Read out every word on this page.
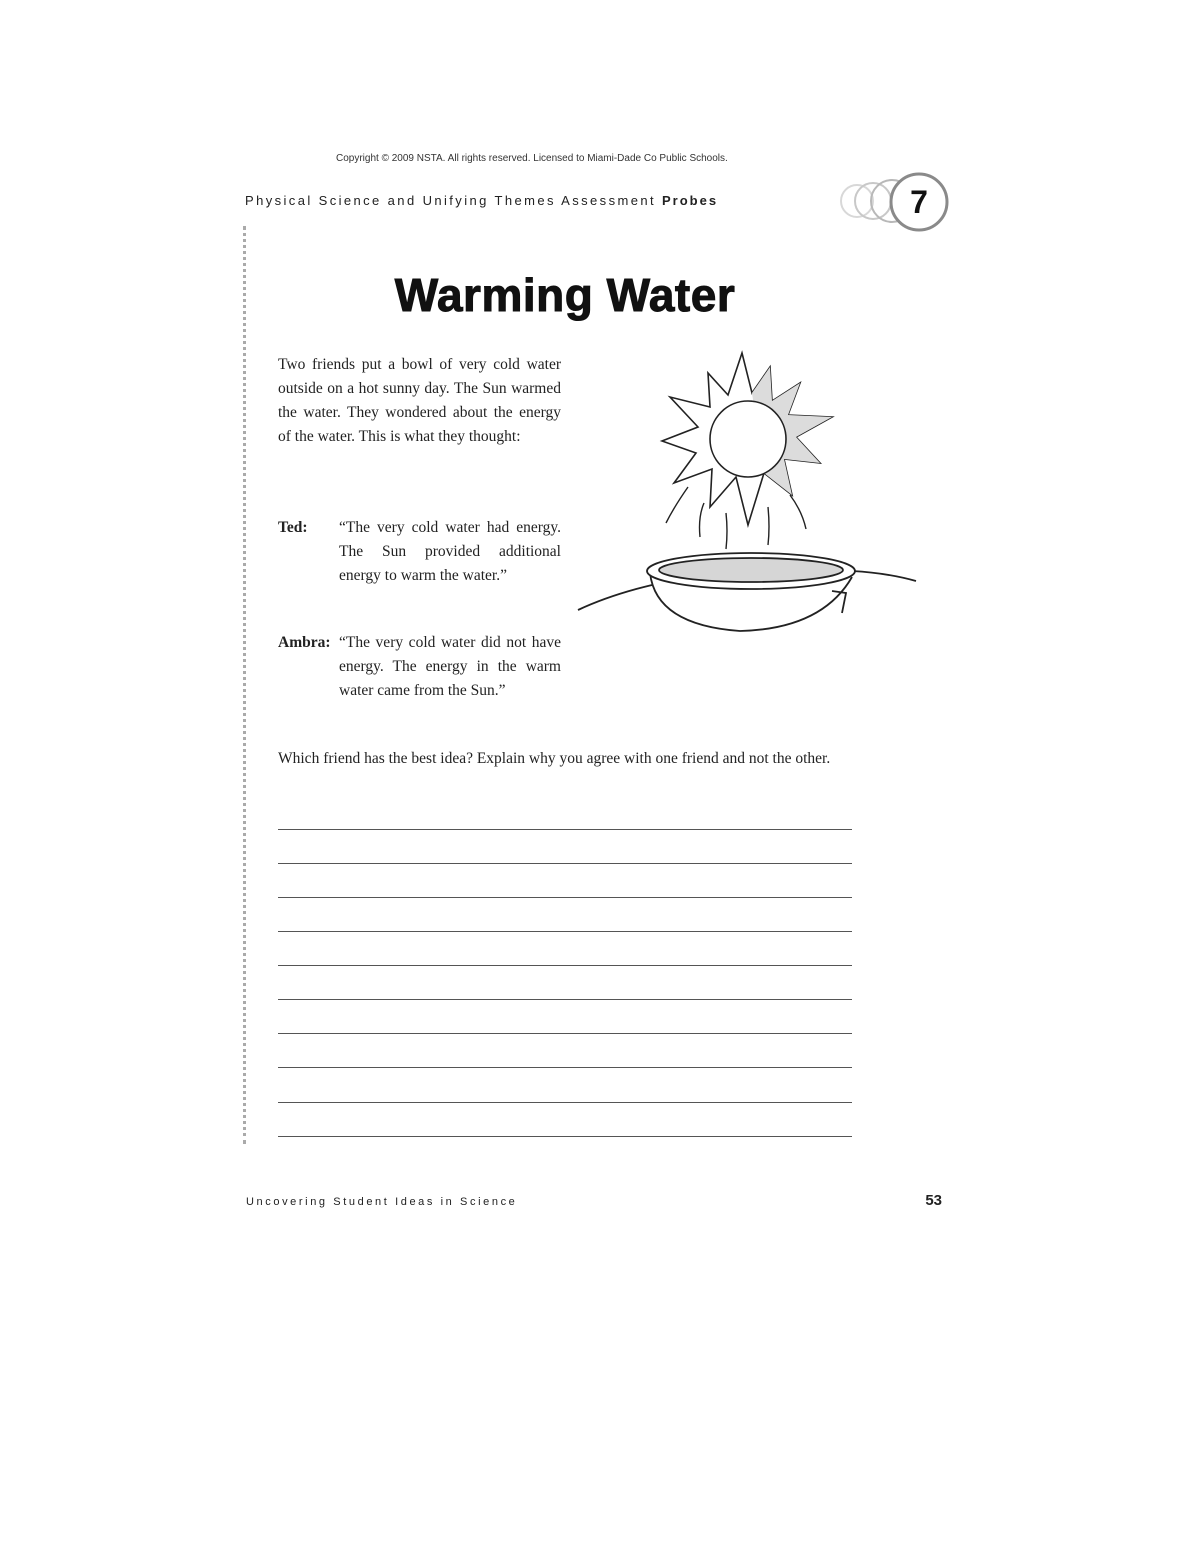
Copyright © 2009 NSTA. All rights reserved. Licensed to Miami-Dade Co Public Schools.
Physical Science and Unifying Themes Assessment Probes	7
Warming Water
Two friends put a bowl of very cold water outside on a hot sunny day. The Sun warmed the water. They wondered about the energy of the water. This is what they thought:
Ted: “The very cold water had energy. The Sun provided additional energy to warm the water.”
Ambra: “The very cold water did not have energy. The energy in the warm water came from the Sun.”
Which friend has the best idea? Explain why you agree with one friend and not the other.
Uncovering Student Ideas in Science	53
